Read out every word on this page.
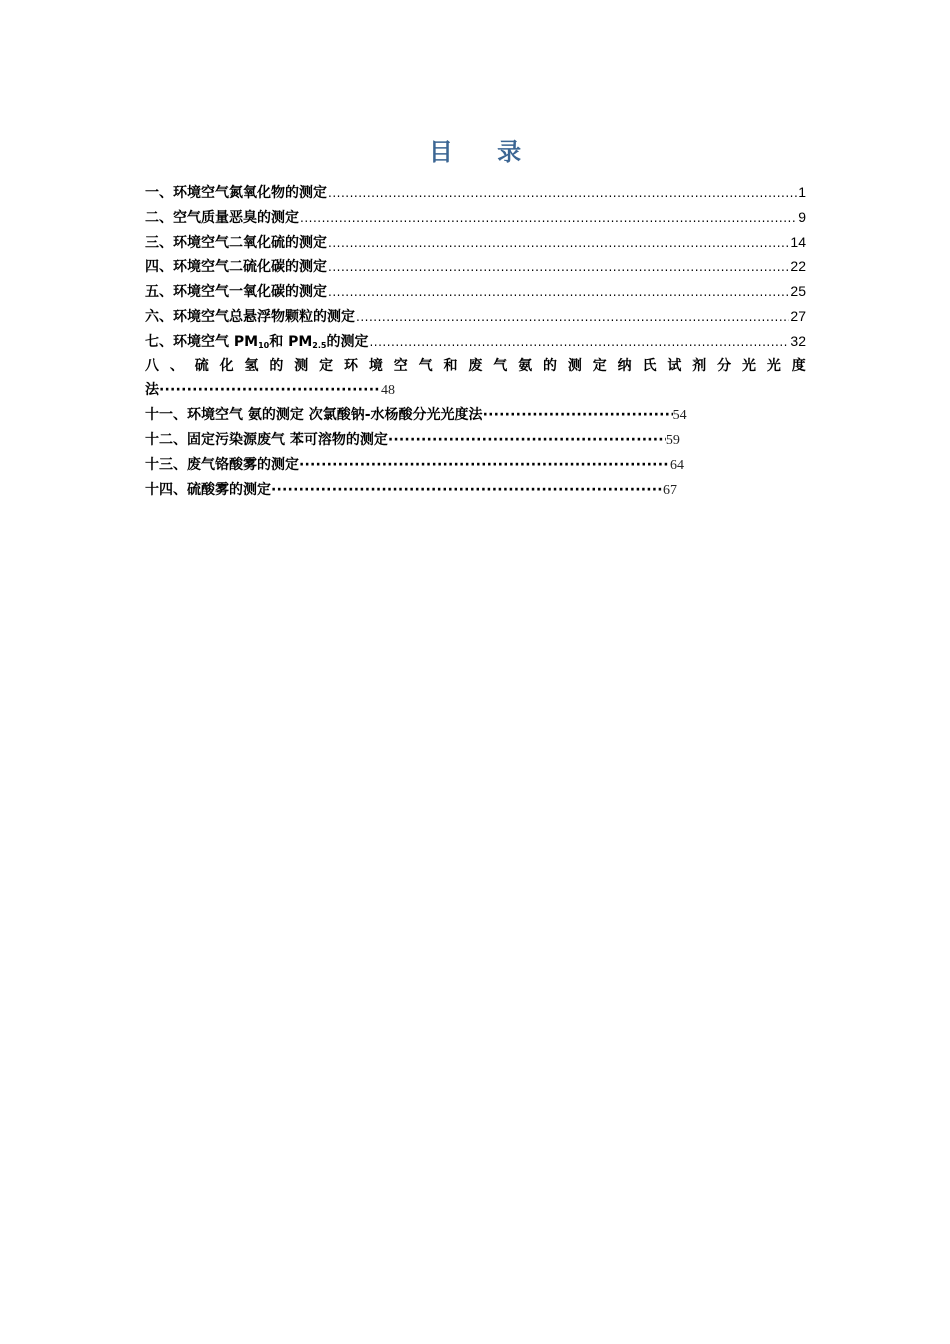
目 录
一、环境空气氮氧化物的测定 .....	1
二、空气质量恶臭的测定 .....	9
三、环境空气二氧化硫的测定 .....	14
四、环境空气二硫化碳的测定 .....	22
五、环境空气一氧化碳的测定 .....	25
六、环境空气总悬浮物颗粒的测定 .....	27
七、环境空气 $PM_{10}$和 $PM_{2.5}$的测定 .....	32
八 、 硫 化 氢 的 测 定 环 境 空 气 和 废 气 氨 的 测 定 纳 氏 试 剂 分 光 光 度
法 ·····	48
十一、环境空气 氨的测定 次氯酸钠-水杨酸分光光度法 ·····	54
十二、固定污染源废气 苯可溶物的测定 ·····	59
十三、废气铬酸雾的测定 ·····	64
十四、硫酸雾的测定 ·····	67
